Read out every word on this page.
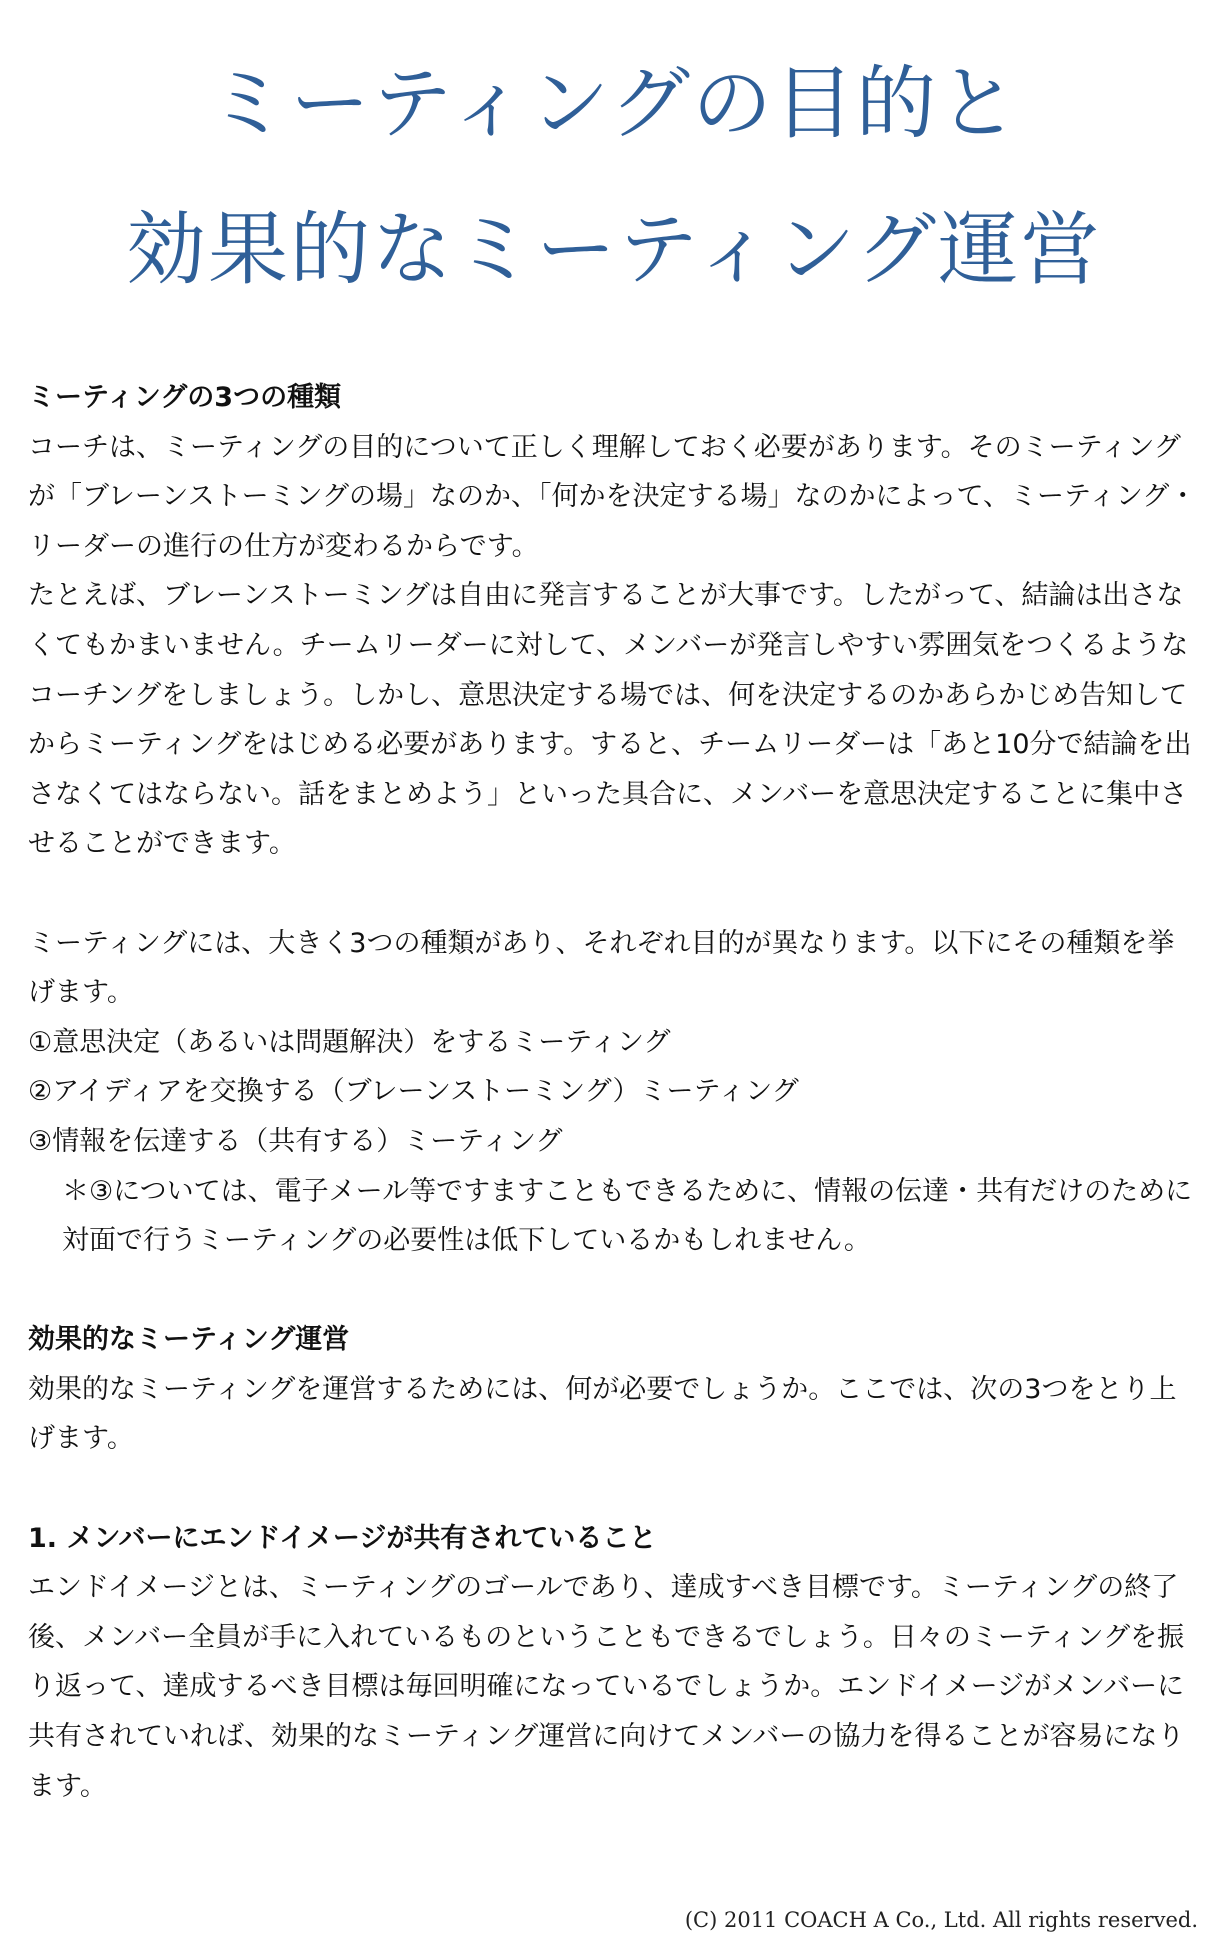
ミーティングの目的と
効果的なミーティング運営

ミーティングの3つの種類

コーチは、ミーティングの目的について正しく理解しておく必要があります。そのミーティングが「ブレーンストーミングの場」なのか、「何かを決定する場」なのかによって、ミーティング・リーダーの進行の仕方が変わるからです。

たとえば、ブレーンストーミングは自由に発言することが大事です。したがって、結論は出さなくてもかまいません。チームリーダーに対して、メンバーが発言しやすい雰囲気をつくるようなコーチングをしましょう。しかし、意思決定する場では、何を決定するのかあらかじめ告知してからミーティングをはじめる必要があります。すると、チームリーダーは「あと10分で結論を出さなくてはならない。話をまとめよう」といった具合に、メンバーを意思決定することに集中させることができます。

ミーティングには、大きく3つの種類があり、それぞれ目的が異なります。以下にその種類を挙げます。

①意思決定（あるいは問題解決）をするミーティング

②アイディアを交換する（ブレーンストーミング）ミーティング

③情報を伝達する（共有する）ミーティング

＊③については、電子メール等ですますこともできるために、情報の伝達・共有だけのために対面で行うミーティングの必要性は低下しているかもしれません。

効果的なミーティング運営

効果的なミーティングを運営するためには、何が必要でしょうか。ここでは、次の3つをとり上げます。

1. メンバーにエンドイメージが共有されていること

エンドイメージとは、ミーティングのゴールであり、達成すべき目標です。ミーティングの終了後、メンバー全員が手に入れているものということもできるでしょう。日々のミーティングを振り返って、達成するべき目標は毎回明確になっているでしょうか。エンドイメージがメンバーに共有されていれば、効果的なミーティング運営に向けてメンバーの協力を得ることが容易になります。

(C) 2011 COACH A Co., Ltd. All rights reserved.
